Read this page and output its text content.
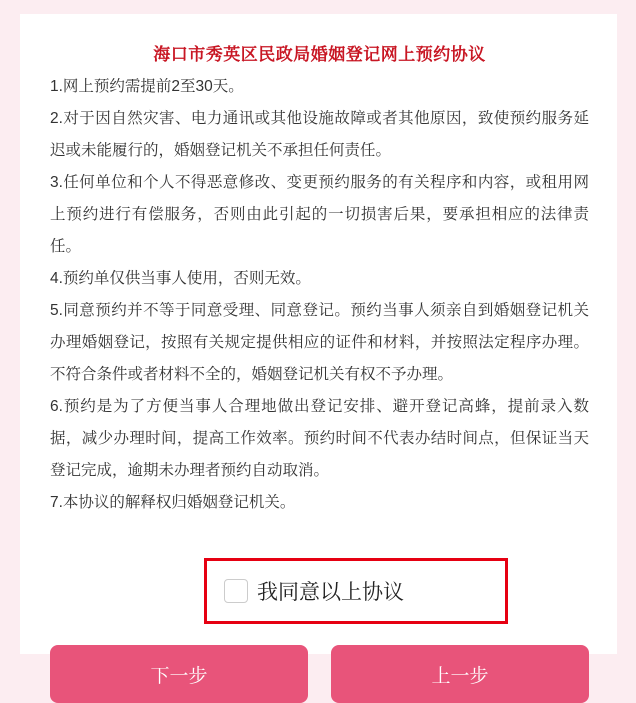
海口市秀英区民政局婚姻登记网上预约协议

1.网上预约需提前2至30天。

2.对于因自然灾害、电力通讯或其他设施故障或者其他原因，致使预约服务延迟或未能履行的，婚姻登记机关不承担任何责任。

3.任何单位和个人不得恶意修改、变更预约服务的有关程序和内容，或租用网上预约进行有偿服务，否则由此引起的一切损害后果，要承担相应的法律责任。

4.预约单仅供当事人使用，否则无效。

5.同意预约并不等于同意受理、同意登记。预约当事人须亲自到婚姻登记机关办理婚姻登记，按照有关规定提供相应的证件和材料，并按照法定程序办理。不符合条件或者材料不全的，婚姻登记机关有权不予办理。

6.预约是为了方便当事人合理地做出登记安排、避开登记高蜂，提前录入数据，减少办理时间，提高工作效率。预约时间不代表办结时间点，但保证当天登记完成，逾期未办理者预约自动取消。

7.本协议的解释权归婚姻登记机关。

我同意以上协议
下一步	上一步
